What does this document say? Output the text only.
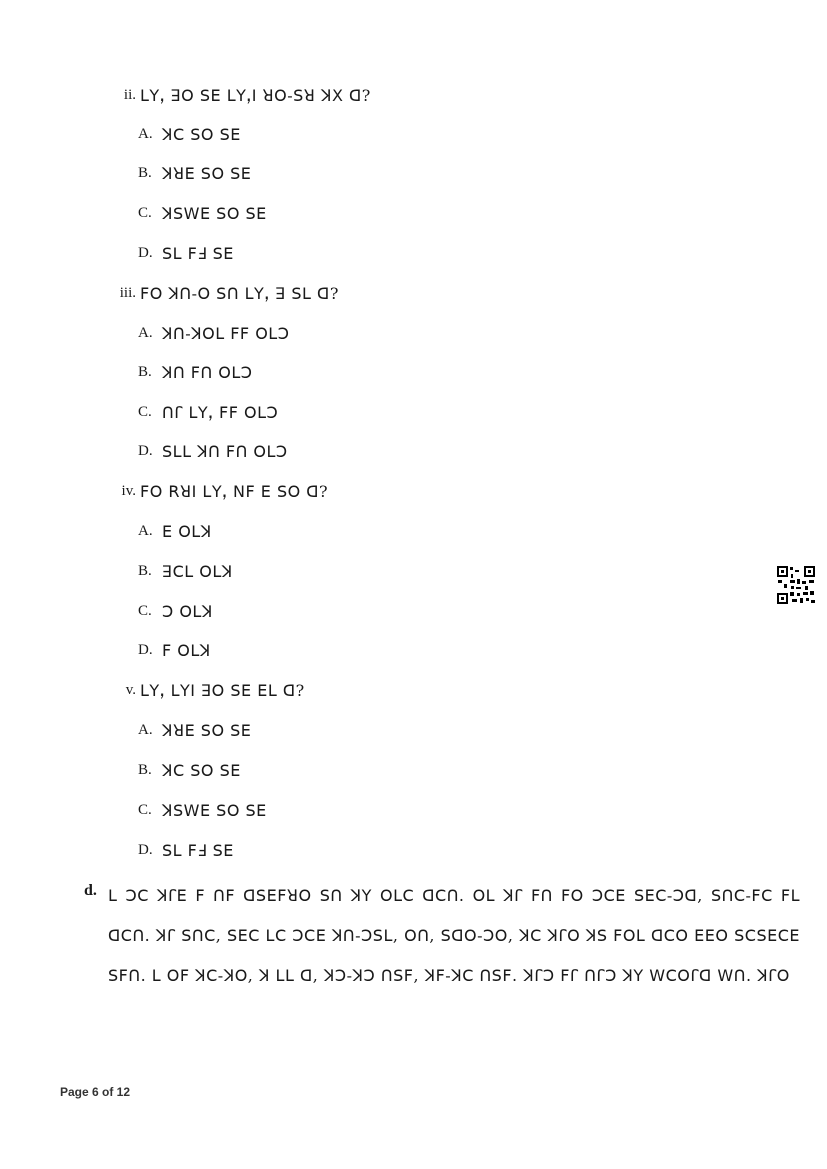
ii. ꓡꓬꓹ ꓱꓳ ꓢꓰ ꓡꓬꓹꓲ ꓤꓳ-ꓢꓤ ꓘꓫ ꓷ?
A. ꓘꓚ ꓢꓳ ꓢꓰ
B. ꓘꓤꓰ ꓢꓳ ꓢꓰ
C. ꓘꓢꓪꓰ ꓢꓳ ꓢꓰ
D. ꓢꓡ ꓝꓞ ꓢꓰ
iii. ꓝꓳ ꓘꓵ-ꓳ ꓢꓵ ꓡꓬꓹ ꓱ ꓢꓡ ꓷ?
A. ꓘꓵ-ꓘꓳꓡ ꓝꓝ ꓳꓡꓛ
B. ꓘꓵ ꓝꓵ ꓳꓡꓛ
C. ꓵꓩ ꓡꓬꓹ ꓝꓝ ꓳꓡꓛ
D. ꓢꓡꓡ ꓘꓵ ꓝꓵ ꓳꓡꓛ
iv. ꓝꓳ ꓣꓤꓲ ꓡꓬꓹ ꓠꓝ ꓰ ꓢꓳ ꓷ?
A. ꓰ ꓳꓡꓘ
B. ꓱꓚꓡ ꓳꓡꓘ
C. ꓛ ꓳꓡꓘ
D. ꓝ ꓳꓡꓘ
v. ꓡꓬꓹ ꓡꓬꓲ ꓱꓳ ꓢꓰ ꓰꓡ ꓷ?
A. ꓘꓤꓰ ꓢꓳ ꓢꓰ
B. ꓘꓚ ꓢꓳ ꓢꓰ
C. ꓘꓢꓪꓰ ꓢꓳ ꓢꓰ
D. ꓢꓡ ꓝꓞ ꓢꓰ
d. ꓡ ꓛꓚ ꓘꓩꓰ ꓝ ꓵꓝ ꓷꓢꓰꓝꓤꓳ ꓢꓵ ꓘꓬ ꓳꓡꓚ ꓷꓚꓵ. ꓳꓡ ꓘꓩ ꓝꓵ ꓝꓳ ꓛꓚꓰ ꓢꓰꓚ-ꓛꓷ, ꓢꓵꓚ-ꓝꓚ ꓝꓡ ꓷꓚꓵ. ꓘꓩ ꓢꓵꓚ, ꓢꓰꓚ ꓡꓚ ꓛꓚꓰ ꓘꓵ-ꓛꓢꓡ, ꓳꓵ, ꓢꓷꓳ-ꓛꓳ, ꓘꓚ ꓘꓩꓳ ꓘꓢ ꓝꓳꓡ ꓷꓚꓳ ꓰꓰꓳ ꓢꓚꓢꓰꓚꓰ ꓢꓝꓵ. ꓡ ꓳꓝ ꓘꓚ-ꓘꓳ, ꓘ ꓡꓡ ꓷ, ꓘꓛ-ꓘꓛ ꓵꓢꓝ, ꓘꓝ-ꓘꓚ ꓵꓢꓝ. ꓘꓩꓛ ꓝꓩ ꓵꓩꓛ ꓘꓬ ꓪꓚꓳꓩꓷ ꓪꓵ. ꓘꓩꓳ
Page 6 of 12
